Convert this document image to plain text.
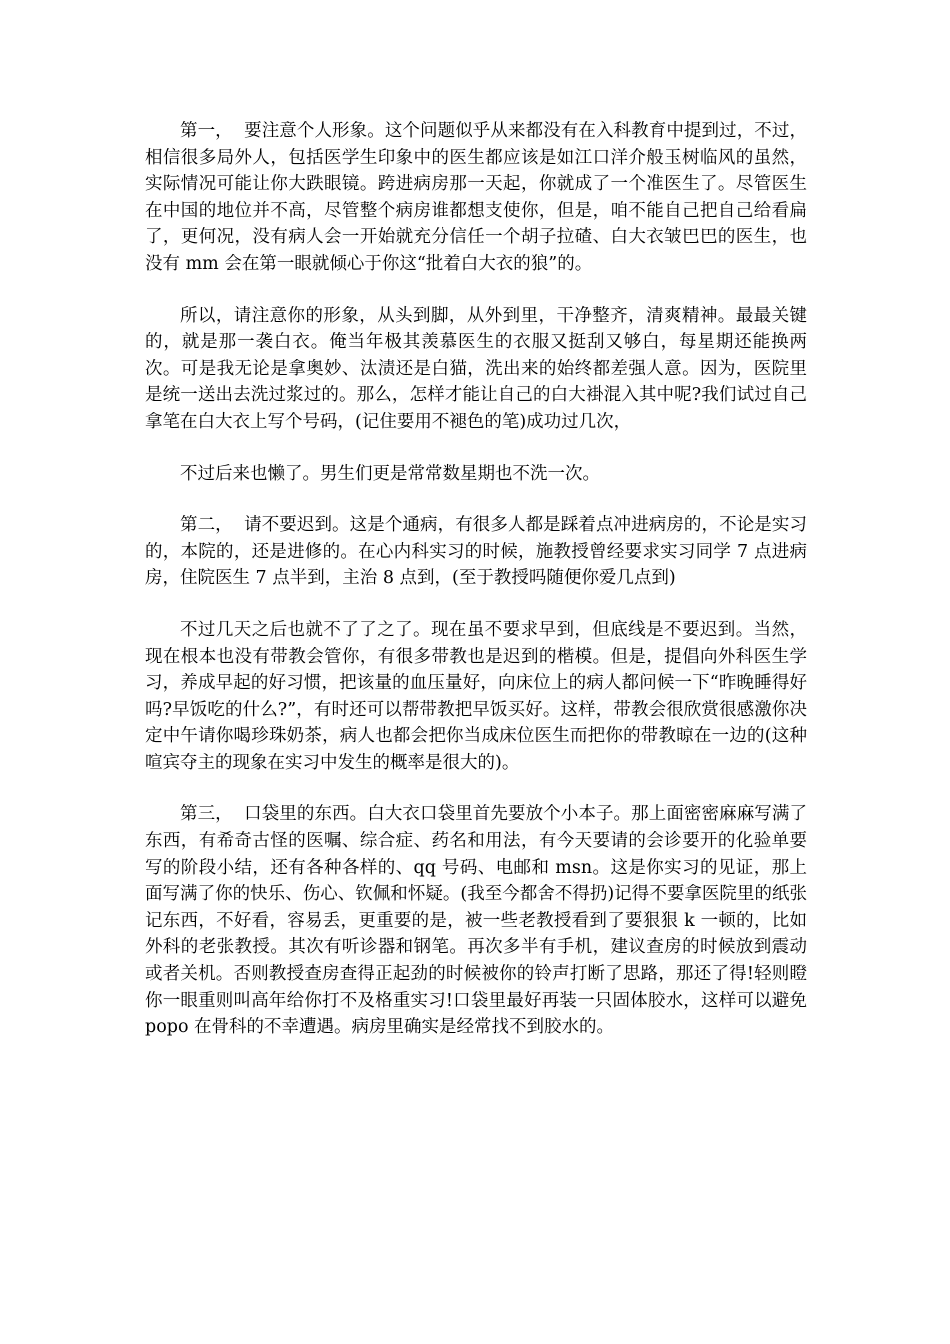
第一，  要注意个人形象。这个问题似乎从来都没有在入科教育中提到过，不过，相信很多局外人，包括医学生印象中的医生都应该是如江口洋介般玉树临风的虽然，实际情况可能让你大跌眼镜。跨进病房那一天起，你就成了一个准医生了。尽管医生在中国的地位并不高，尽管整个病房谁都想支使你，但是，咱不能自己把自己给看扁了，更何况，没有病人会一开始就充分信任一个胡子拉碴、白大衣皱巴巴的医生，也没有 mm 会在第一眼就倾心于你这“批着白大衣的狼”的。

所以，请注意你的形象，从头到脚，从外到里，干净整齐，清爽精神。最最关键的，就是那一袭白衣。俺当年极其羡慕医生的衣服又挺刮又够白，每星期还能换两次。可是我无论是拿奥妙、汰渍还是白猫，洗出来的始终都差强人意。因为，医院里是统一送出去洗过浆过的。那么，怎样才能让自己的白大褂混入其中呢?我们试过自己拿笔在白大衣上写个号码，(记住要用不褪色的笔)成功过几次，

不过后来也懒了。男生们更是常常数星期也不洗一次。

第二，  请不要迟到。这是个通病，有很多人都是踩着点冲进病房的，不论是实习的，本院的，还是进修的。在心内科实习的时候，施教授曾经要求实习同学 7 点进病房，住院医生 7 点半到，主治 8 点到，(至于教授吗随便你爱几点到)

不过几天之后也就不了了之了。现在虽不要求早到，但底线是不要迟到。当然，现在根本也没有带教会管你，有很多带教也是迟到的楷模。但是，提倡向外科医生学习，养成早起的好习惯，把该量的血压量好，向床位上的病人都问候一下“昨晚睡得好吗?早饭吃的什么?”，有时还可以帮带教把早饭买好。这样，带教会很欣赏很感激你决定中午请你喝珍珠奶茶，病人也都会把你当成床位医生而把你的带教晾在一边的(这种喧宾夺主的现象在实习中发生的概率是很大的)。

第三，  口袋里的东西。白大衣口袋里首先要放个小本子。那上面密密麻麻写满了东西，有希奇古怪的医嘱、综合症、药名和用法，有今天要请的会诊要开的化验单要写的阶段小结，还有各种各样的、qq 号码、电邮和 msn。这是你实习的见证，那上面写满了你的快乐、伤心、钦佩和怀疑。(我至今都舍不得扔)记得不要拿医院里的纸张记东西，不好看，容易丢，更重要的是，被一些老教授看到了要狠狠 k 一顿的，比如外科的老张教授。其次有听诊器和钢笔。再次多半有手机，建议查房的时候放到震动或者关机。否则教授查房查得正起劲的时候被你的铃声打断了思路，那还了得!轻则瞪你一眼重则叫高年给你打不及格重实习!口袋里最好再装一只固体胶水，这样可以避免 popo 在骨科的不幸遭遇。病房里确实是经常找不到胶水的。
